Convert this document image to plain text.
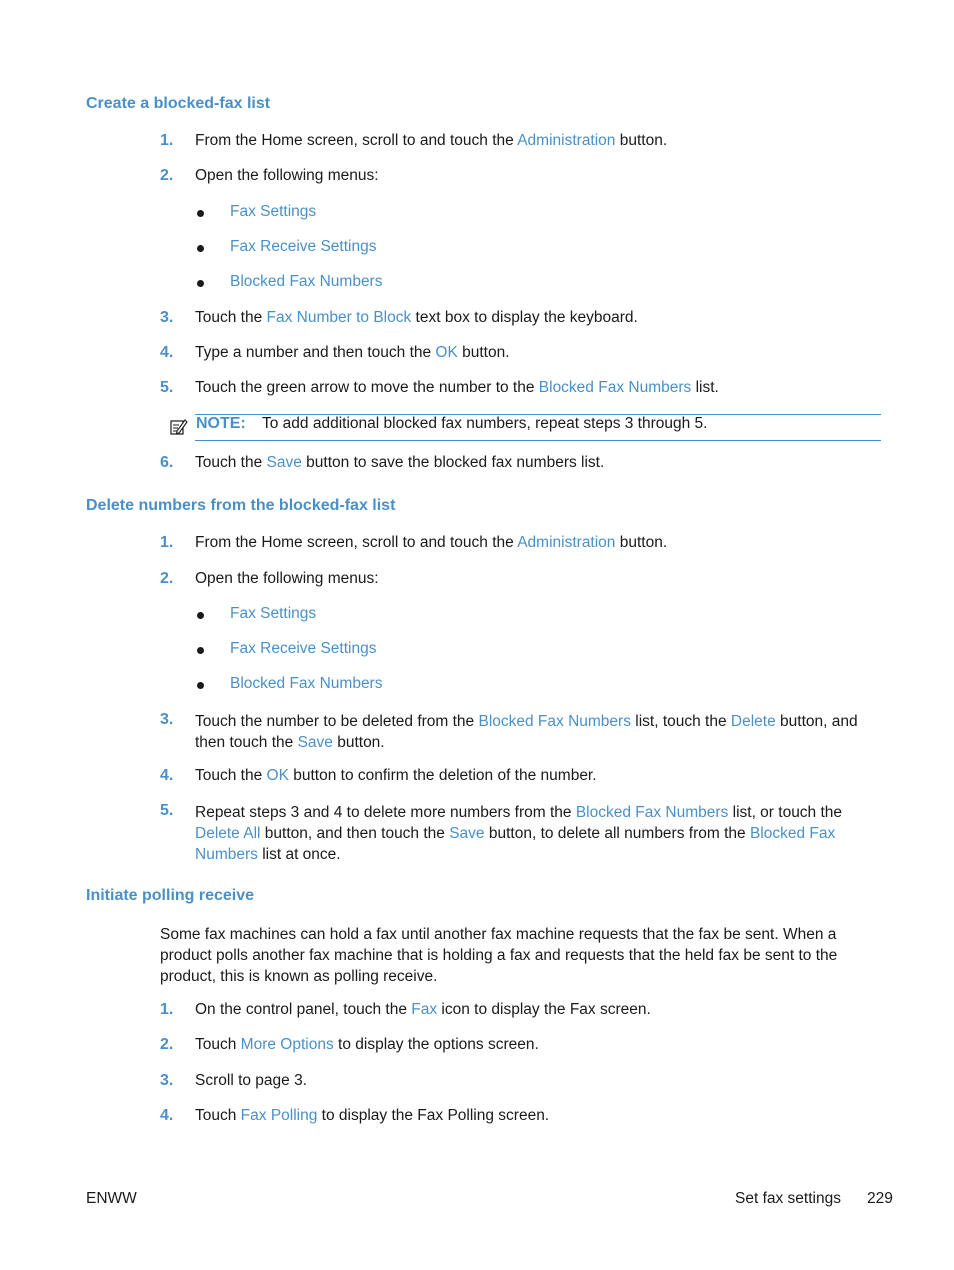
Create a blocked-fax list
1. From the Home screen, scroll to and touch the Administration button.
2. Open the following menus:
Fax Settings
Fax Receive Settings
Blocked Fax Numbers
3. Touch the Fax Number to Block text box to display the keyboard.
4. Type a number and then touch the OK button.
5. Touch the green arrow to move the number to the Blocked Fax Numbers list.
NOTE: To add additional blocked fax numbers, repeat steps 3 through 5.
6. Touch the Save button to save the blocked fax numbers list.
Delete numbers from the blocked-fax list
1. From the Home screen, scroll to and touch the Administration button.
2. Open the following menus:
Fax Settings
Fax Receive Settings
Blocked Fax Numbers
3. Touch the number to be deleted from the Blocked Fax Numbers list, touch the Delete button, and then touch the Save button.
4. Touch the OK button to confirm the deletion of the number.
5. Repeat steps 3 and 4 to delete more numbers from the Blocked Fax Numbers list, or touch the Delete All button, and then touch the Save button, to delete all numbers from the Blocked Fax Numbers list at once.
Initiate polling receive
Some fax machines can hold a fax until another fax machine requests that the fax be sent. When a product polls another fax machine that is holding a fax and requests that the held fax be sent to the product, this is known as polling receive.
1. On the control panel, touch the Fax icon to display the Fax screen.
2. Touch More Options to display the options screen.
3. Scroll to page 3.
4. Touch Fax Polling to display the Fax Polling screen.
ENWW	Set fax settings 229
